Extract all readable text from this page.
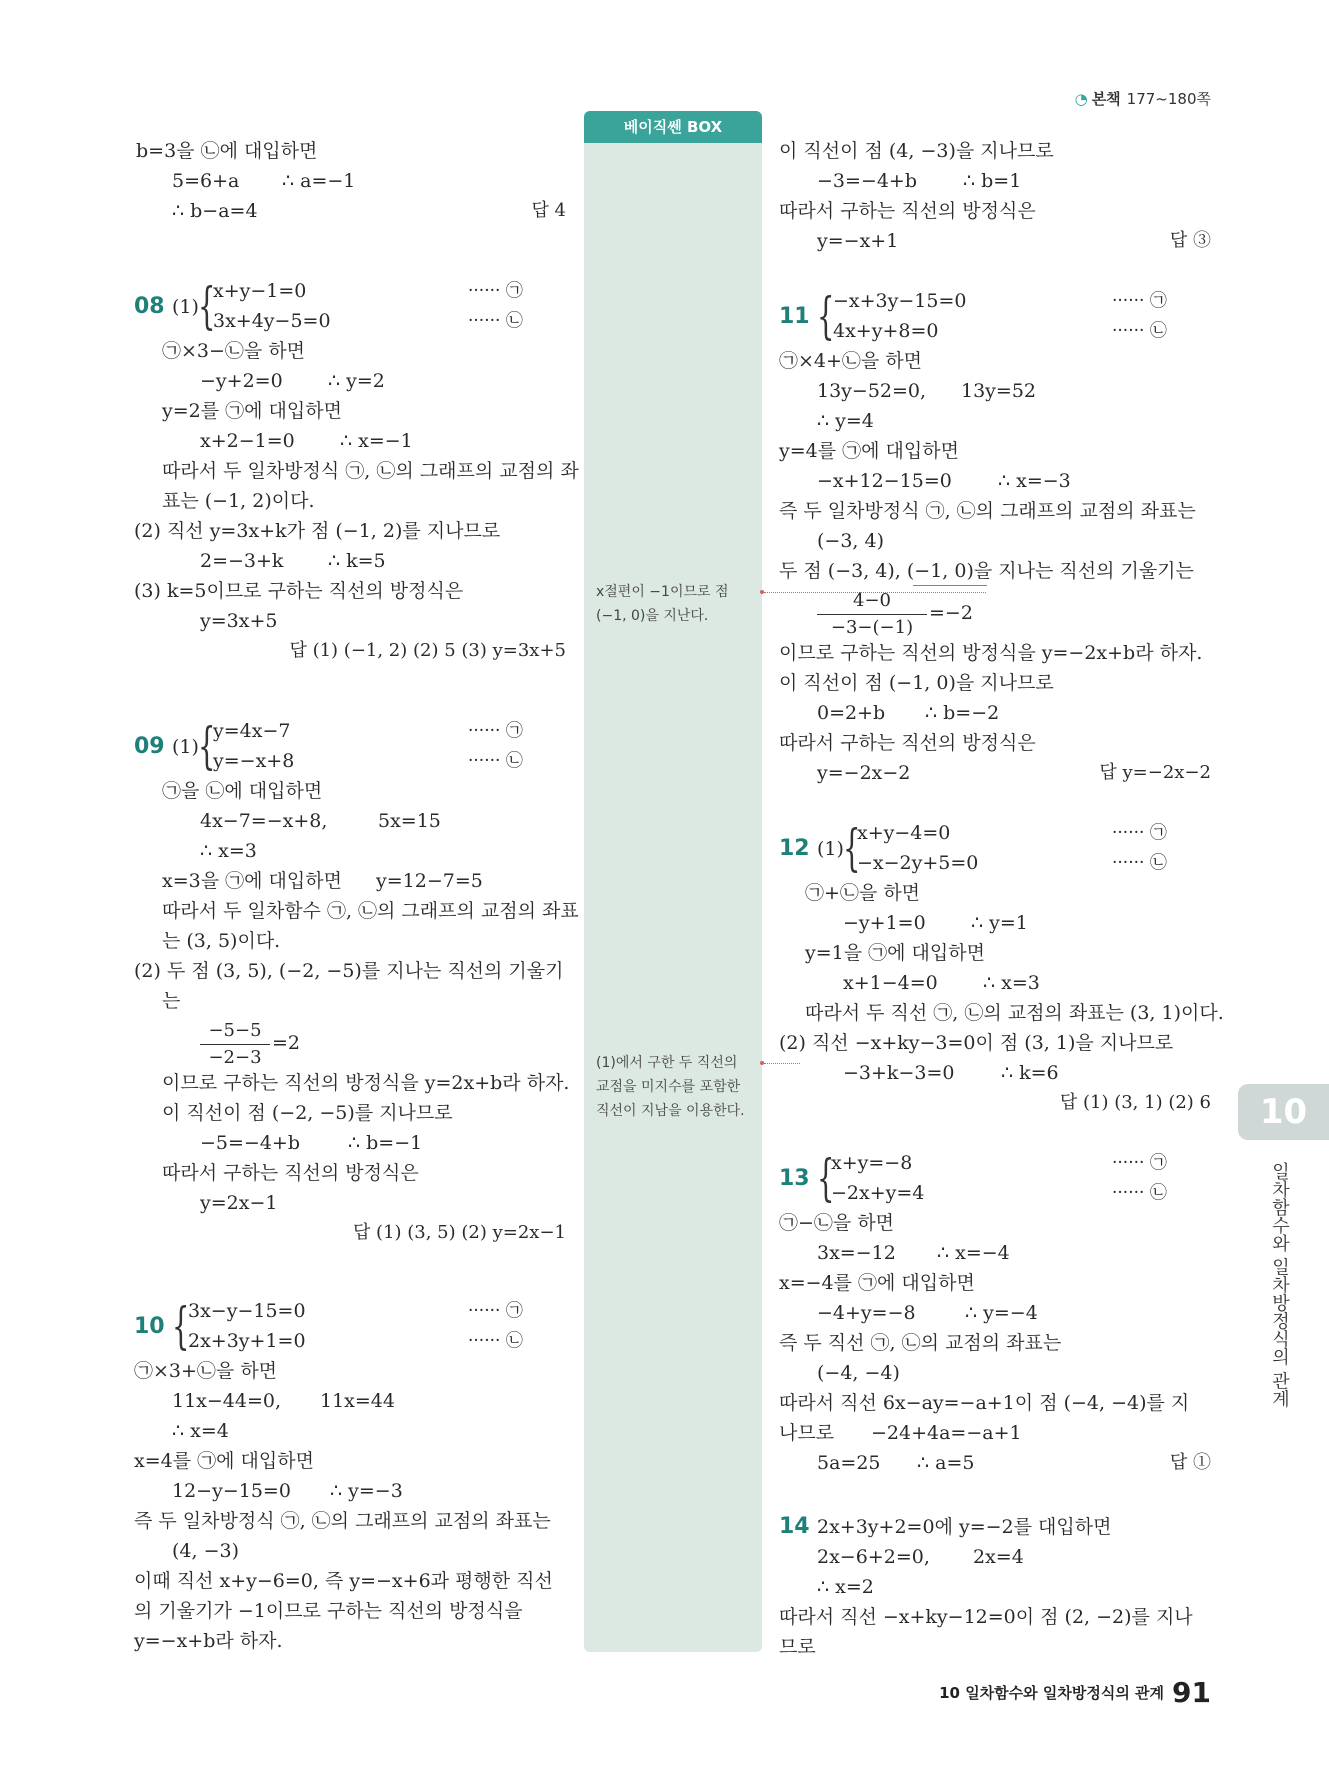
◔ 본책 177~180쪽
베이직쎈 BOX
x절편이 −1이므로 점 (−1, 0)을 지난다.
(1)에서 구한 두 직선의 교점을 미지수를 포함한 직선이 지남을 이용한다.	10
일차함수와 일차방정식의 관계
10 일차함수와 일차방정식의 관계 91
b=3을 ㉡에 대입하면
5=6+a ∴ a=−1
∴ b−a=4	답 4
08 (1) {
x+y−1=0
3x+4y−5=0
······ ㉠
······ ㉡
㉠×3−㉡을 하면
−y+2=0 ∴ y=2
y=2를 ㉠에 대입하면
x+2−1=0 ∴ x=−1
따라서 두 일차방정식 ㉠, ㉡의 그래프의 교점의 좌
표는 (−1, 2)이다.
(2) 직선 y=3x+k가 점 (−1, 2)를 지나므로
2=−3+k ∴ k=5
(3) k=5이므로 구하는 직선의 방정식은
y=3x+5
답 (1) (−1, 2) (2) 5 (3) y=3x+5
09 (1) {
y=4x−7
y=−x+8
······ ㉠
······ ㉡
㉠을 ㉡에 대입하면
4x−7=−x+8,	5x=15
∴ x=3
x=3을 ㉠에 대입하면 y=12−7=5
따라서 두 일차함수 ㉠, ㉡의 그래프의 교점의 좌표
는 (3, 5)이다.
(2) 두 점 (3, 5), (−2, −5)를 지나는 직선의 기울기
는
−5−5
−2−3
=2
이므로 구하는 직선의 방정식을 y=2x+b라 하자.
이 직선이 점 (−2, −5)를 지나므로
−5=−4+b	∴ b=−1
따라서 구하는 직선의 방정식은
y=2x−1
답 (1) (3, 5) (2) y=2x−1
10 {
3x−y−15=0
2x+3y+1=0
······ ㉠
······ ㉡
㉠×3+㉡을 하면
11x−44=0, 11x=44
∴ x=4
x=4를 ㉠에 대입하면
12−y−15=0 ∴ y=−3
즉 두 일차방정식 ㉠, ㉡의 그래프의 교점의 좌표는
(4, −3)
이때 직선 x+y−6=0, 즉 y=−x+6과 평행한 직선
의 기울기가 −1이므로 구하는 직선의 방정식을
y=−x+b라 하자.
이 직선이 점 (4, −3)을 지나므로
−3=−4+b ∴ b=1
따라서 구하는 직선의 방정식은
y=−x+1	답 ③
11 {
−x+3y−15=0
4x+y+8=0
······ ㉠
······ ㉡
㉠×4+㉡을 하면
13y−52=0, 13y=52
∴ y=4
y=4를 ㉠에 대입하면
−x+12−15=0 ∴ x=−3
즉 두 일차방정식 ㉠, ㉡의 그래프의 교점의 좌표는
(−3, 4)
두 점 (−3, 4), (−1, 0)을 지나는 직선의 기울기는
4−0
−3−(−1)
=−2
이므로 구하는 직선의 방정식을 y=−2x+b라 하자.
이 직선이 점 (−1, 0)을 지나므로
0=2+b ∴ b=−2
따라서 구하는 직선의 방정식은
y=−2x−2	답 y=−2x−2
12 (1) {
x+y−4=0
−x−2y+5=0
······ ㉠
······ ㉡
㉠+㉡을 하면
−y+1=0 ∴ y=1
y=1을 ㉠에 대입하면
x+1−4=0 ∴ x=3
따라서 두 직선 ㉠, ㉡의 교점의 좌표는 (3, 1)이다.
(2) 직선 −x+ky−3=0이 점 (3, 1)을 지나므로
−3+k−3=0 ∴ k=6
답 (1) (3, 1) (2) 6
13 {
x+y=−8
−2x+y=4
······ ㉠
······ ㉡
㉠−㉡을 하면
3x=−12 ∴ x=−4
x=−4를 ㉠에 대입하면
−4+y=−8	∴ y=−4
즉 두 직선 ㉠, ㉡의 교점의 좌표는
(−4, −4)
따라서 직선 6x−ay=−a+1이 점 (−4, −4)를 지
나므로 −24+4a=−a+1
5a=25 ∴ a=5	답 ①
14 2x+3y+2=0에 y=−2를 대입하면
2x−6+2=0, 2x=4
∴ x=2
따라서 직선 −x+ky−12=0이 점 (2, −2)를 지나
므로
